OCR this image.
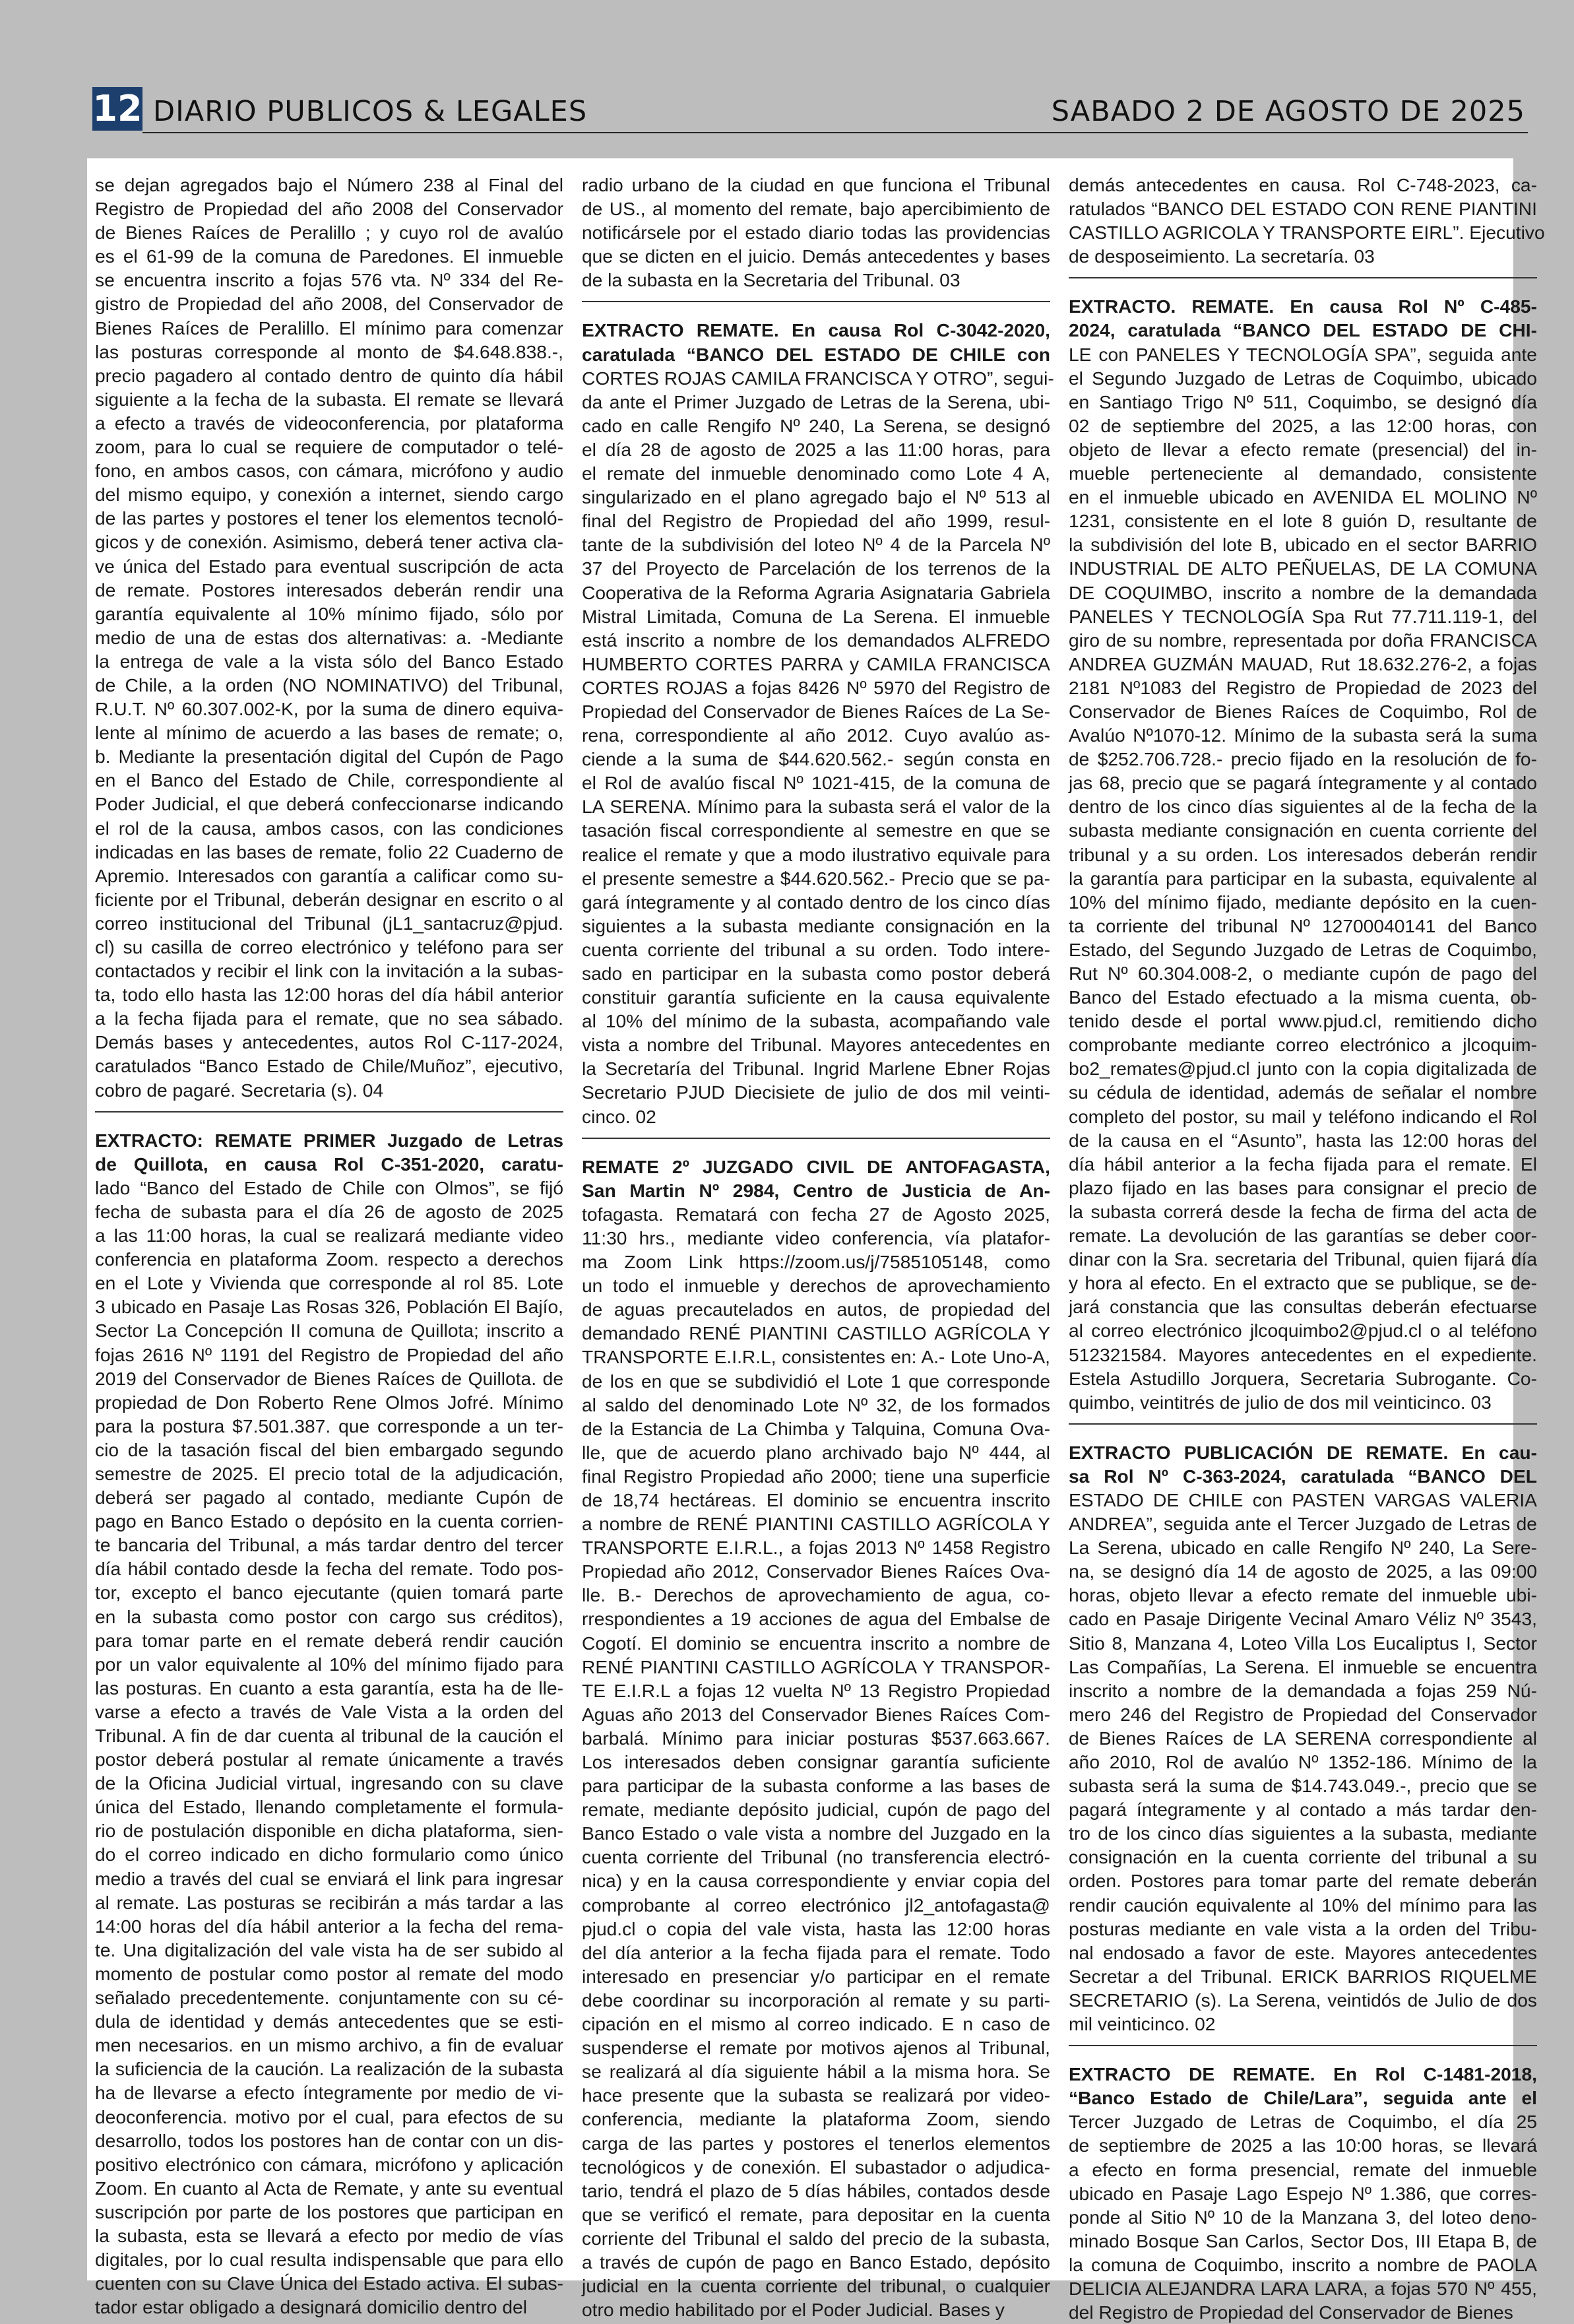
12 DIARIO PUBLICOS & LEGALES	SABADO 2 DE AGOSTO DE 2025

se dejan agregados bajo el Número 238 al Final del

Registro de Propiedad del año 2008 del Conservador

de Bienes Raíces de Peralillo ; y cuyo rol de avalúo

es el 61-99 de la comuna de Paredones. El inmueble

se encuentra inscrito a fojas 576 vta. Nº 334 del Re-

gistro de Propiedad del año 2008, del Conservador de

Bienes Raíces de Peralillo. El mínimo para comenzar

las posturas corresponde al monto de $4.648.838.-,

precio pagadero al contado dentro de quinto día hábil

siguiente a la fecha de la subasta. El remate se llevará

a efecto a través de videoconferencia, por plataforma

zoom, para lo cual se requiere de computador o telé-

fono, en ambos casos, con cámara, micrófono y audio

del mismo equipo, y conexión a internet, siendo cargo

de las partes y postores el tener los elementos tecnoló-

gicos y de conexión. Asimismo, deberá tener activa cla-

ve única del Estado para eventual suscripción de acta

de remate. Postores interesados deberán rendir una

garantía equivalente al 10% mínimo fijado, sólo por

medio de una de estas dos alternativas: a. -Mediante

la entrega de vale a la vista sólo del Banco Estado

de Chile, a la orden (NO NOMINATIVO) del Tribunal,

R.U.T. Nº 60.307.002-K, por la suma de dinero equiva-

lente al mínimo de acuerdo a las bases de remate; o,

b. Mediante la presentación digital del Cupón de Pago

en el Banco del Estado de Chile, correspondiente al

Poder Judicial, el que deberá confeccionarse indicando

el rol de la causa, ambos casos, con las condiciones

indicadas en las bases de remate, folio 22 Cuaderno de

Apremio. Interesados con garantía a calificar como su-

ficiente por el Tribunal, deberán designar en escrito o al

correo institucional del Tribunal (jL1_santacruz@pjud.

cl) su casilla de correo electrónico y teléfono para ser

contactados y recibir el link con la invitación a la subas-

ta, todo ello hasta las 12:00 horas del día hábil anterior

a la fecha fijada para el remate, que no sea sábado.

Demás bases y antecedentes, autos Rol C-117-2024,

caratulados “Banco Estado de Chile/Muñoz”, ejecutivo,

cobro de pagaré. Secretaria (s). 04

EXTRACTO: REMATE PRIMER Juzgado de Letras

de Quillota, en causa Rol C-351-2020, caratu-

lado “Banco del Estado de Chile con Olmos”, se fijó

fecha de subasta para el día 26 de agosto de 2025

a las 11:00 horas, la cual se realizará mediante video

conferencia en plataforma Zoom. respecto a derechos

en el Lote y Vivienda que corresponde al rol 85. Lote

3 ubicado en Pasaje Las Rosas 326, Población El Bajío,

Sector La Concepción II comuna de Quillota; inscrito a

fojas 2616 Nº 1191 del Registro de Propiedad del año

2019 del Conservador de Bienes Raíces de Quillota. de

propiedad de Don Roberto Rene Olmos Jofré. Mínimo

para la postura $7.501.387. que corresponde a un ter-

cio de la tasación fiscal del bien embargado segundo

semestre de 2025. El precio total de la adjudicación,

deberá ser pagado al contado, mediante Cupón de

pago en Banco Estado o depósito en la cuenta corrien-

te bancaria del Tribunal, a más tardar dentro del tercer

día hábil contado desde la fecha del remate. Todo pos-

tor, excepto el banco ejecutante (quien tomará parte

en la subasta como postor con cargo sus créditos),

para tomar parte en el remate deberá rendir caución

por un valor equivalente al 10% del mínimo fijado para

las posturas. En cuanto a esta garantía, esta ha de lle-

varse a efecto a través de Vale Vista a la orden del

Tribunal. A fin de dar cuenta al tribunal de la caución el

postor deberá postular al remate únicamente a través

de la Oficina Judicial virtual, ingresando con su clave

única del Estado, llenando completamente el formula-

rio de postulación disponible en dicha plataforma, sien-

do el correo indicado en dicho formulario como único

medio a través del cual se enviará el link para ingresar

al remate. Las posturas se recibirán a más tardar a las

14:00 horas del día hábil anterior a la fecha del rema-

te. Una digitalización del vale vista ha de ser subido al

momento de postular como postor al remate del modo

señalado precedentemente. conjuntamente con su cé-

dula de identidad y demás antecedentes que se esti-

men necesarios. en un mismo archivo, a fin de evaluar

la suficiencia de la caución. La realización de la subasta

ha de llevarse a efecto íntegramente por medio de vi-

deoconferencia. motivo por el cual, para efectos de su

desarrollo, todos los postores han de contar con un dis-

positivo electrónico con cámara, micrófono y aplicación

Zoom. En cuanto al Acta de Remate, y ante su eventual

suscripción por parte de los postores que participan en

la subasta, esta se llevará a efecto por medio de vías

digitales, por lo cual resulta indispensable que para ello

cuenten con su Clave Única del Estado activa. El subas-

tador estar obligado a designará domicilio dentro del

radio urbano de la ciudad en que funciona el Tribunal

de US., al momento del remate, bajo apercibimiento de

notificársele por el estado diario todas las providencias

que se dicten en el juicio. Demás antecedentes y bases

de la subasta en la Secretaria del Tribunal. 03

EXTRACTO REMATE. En causa Rol C-3042-2020,

caratulada “BANCO DEL ESTADO DE CHILE con

CORTES ROJAS CAMILA FRANCISCA Y OTRO”, segui-

da ante el Primer Juzgado de Letras de la Serena, ubi-

cado en calle Rengifo Nº 240, La Serena, se designó

el día 28 de agosto de 2025 a las 11:00 horas, para

el remate del inmueble denominado como Lote 4 A,

singularizado en el plano agregado bajo el Nº 513 al

final del Registro de Propiedad del año 1999, resul-

tante de la subdivisión del loteo Nº 4 de la Parcela Nº

37 del Proyecto de Parcelación de los terrenos de la

Cooperativa de la Reforma Agraria Asignataria Gabriela

Mistral Limitada, Comuna de La Serena. El inmueble

está inscrito a nombre de los demandados ALFREDO

HUMBERTO CORTES PARRA y CAMILA FRANCISCA

CORTES ROJAS a fojas 8426 Nº 5970 del Registro de

Propiedad del Conservador de Bienes Raíces de La Se-

rena, correspondiente al año 2012. Cuyo avalúo as-

ciende a la suma de $44.620.562.- según consta en

el Rol de avalúo fiscal Nº 1021-415, de la comuna de

LA SERENA. Mínimo para la subasta será el valor de la

tasación fiscal correspondiente al semestre en que se

realice el remate y que a modo ilustrativo equivale para

el presente semestre a $44.620.562.- Precio que se pa-

gará íntegramente y al contado dentro de los cinco días

siguientes a la subasta mediante consignación en la

cuenta corriente del tribunal a su orden. Todo intere-

sado en participar en la subasta como postor deberá

constituir garantía suficiente en la causa equivalente

al 10% del mínimo de la subasta, acompañando vale

vista a nombre del Tribunal. Mayores antecedentes en

la Secretaría del Tribunal. Ingrid Marlene Ebner Rojas

Secretario PJUD Diecisiete de julio de dos mil veinti-

cinco. 02

REMATE 2º JUZGADO CIVIL DE ANTOFAGASTA,

San Martin Nº 2984, Centro de Justicia de An-

tofagasta. Rematará con fecha 27 de Agosto 2025,

11:30 hrs., mediante video conferencia, vía platafor-

ma Zoom Link https://zoom.us/j/7585105148, como

un todo el inmueble y derechos de aprovechamiento

de aguas precautelados en autos, de propiedad del

demandado RENÉ PIANTINI CASTILLO AGRÍCOLA Y

TRANSPORTE E.I.R.L, consistentes en: A.- Lote Uno-A,

de los en que se subdividió el Lote 1 que corresponde

al saldo del denominado Lote Nº 32, de los formados

de la Estancia de La Chimba y Talquina, Comuna Ova-

lle, que de acuerdo plano archivado bajo Nº 444, al

final Registro Propiedad año 2000; tiene una superficie

de 18,74 hectáreas. El dominio se encuentra inscrito

a nombre de RENÉ PIANTINI CASTILLO AGRÍCOLA Y

TRANSPORTE E.I.R.L., a fojas 2013 Nº 1458 Registro

Propiedad año 2012, Conservador Bienes Raíces Ova-

lle. B.- Derechos de aprovechamiento de agua, co-

rrespondientes a 19 acciones de agua del Embalse de

Cogotí. El dominio se encuentra inscrito a nombre de

RENÉ PIANTINI CASTILLO AGRÍCOLA Y TRANSPOR-

TE E.I.R.L a fojas 12 vuelta Nº 13 Registro Propiedad

Aguas año 2013 del Conservador Bienes Raíces Com-

barbalá. Mínimo para iniciar posturas $537.663.667.

Los interesados deben consignar garantía suficiente

para participar de la subasta conforme a las bases de

remate, mediante depósito judicial, cupón de pago del

Banco Estado o vale vista a nombre del Juzgado en la

cuenta corriente del Tribunal (no transferencia electró-

nica) y en la causa correspondiente y enviar copia del

comprobante al correo electrónico jl2_antofagasta@

pjud.cl o copia del vale vista, hasta las 12:00 horas

del día anterior a la fecha fijada para el remate. Todo

interesado en presenciar y/o participar en el remate

debe coordinar su incorporación al remate y su parti-

cipación en el mismo al correo indicado. E n caso de

suspenderse el remate por motivos ajenos al Tribunal,

se realizará al día siguiente hábil a la misma hora. Se

hace presente que la subasta se realizará por video-

conferencia, mediante la plataforma Zoom, siendo

carga de las partes y postores el tenerlos elementos

tecnológicos y de conexión. El subastador o adjudica-

tario, tendrá el plazo de 5 días hábiles, contados desde

que se verificó el remate, para depositar en la cuenta

corriente del Tribunal el saldo del precio de la subasta,

a través de cupón de pago en Banco Estado, depósito

judicial en la cuenta corriente del tribunal, o cualquier

otro medio habilitado por el Poder Judicial. Bases y

demás antecedentes en causa. Rol C-748-2023, ca-

ratulados “BANCO DEL ESTADO CON RENE PIANTINI

CASTILLO AGRICOLA Y TRANSPORTE EIRL”. Ejecutivo

de desposeimiento. La secretaría. 03

EXTRACTO. REMATE. En causa Rol Nº C-485-

2024, caratulada “BANCO DEL ESTADO DE CHI-

LE con PANELES Y TECNOLOGÍA SPA”, seguida ante

el Segundo Juzgado de Letras de Coquimbo, ubicado

en Santiago Trigo Nº 511, Coquimbo, se designó día

02 de septiembre del 2025, a las 12:00 horas, con

objeto de llevar a efecto remate (presencial) del in-

mueble perteneciente al demandado, consistente

en el inmueble ubicado en AVENIDA EL MOLINO Nº

1231, consistente en el lote 8 guión D, resultante de

la subdivisión del lote B, ubicado en el sector BARRIO

INDUSTRIAL DE ALTO PEÑUELAS, DE LA COMUNA

DE COQUIMBO, inscrito a nombre de la demandada

PANELES Y TECNOLOGÍA Spa Rut 77.711.119-1, del

giro de su nombre, representada por doña FRANCISCA

ANDREA GUZMÁN MAUAD, Rut 18.632.276-2, a fojas

2181 Nº1083 del Registro de Propiedad de 2023 del

Conservador de Bienes Raíces de Coquimbo, Rol de

Avalúo Nº1070-12. Mínimo de la subasta será la suma

de $252.706.728.- precio fijado en la resolución de fo-

jas 68, precio que se pagará íntegramente y al contado

dentro de los cinco días siguientes al de la fecha de la

subasta mediante consignación en cuenta corriente del

tribunal y a su orden. Los interesados deberán rendir

la garantía para participar en la subasta, equivalente al

10% del mínimo fijado, mediante depósito en la cuen-

ta corriente del tribunal Nº 12700040141 del Banco

Estado, del Segundo Juzgado de Letras de Coquimbo,

Rut Nº 60.304.008-2, o mediante cupón de pago del

Banco del Estado efectuado a la misma cuenta, ob-

tenido desde el portal www.pjud.cl, remitiendo dicho

comprobante mediante correo electrónico a jlcoquim-

bo2_remates@pjud.cl junto con la copia digitalizada de

su cédula de identidad, además de señalar el nombre

completo del postor, su mail y teléfono indicando el Rol

de la causa en el “Asunto”, hasta las 12:00 horas del

día hábil anterior a la fecha fijada para el remate. El

plazo fijado en las bases para consignar el precio de

la subasta correrá desde la fecha de firma del acta de

remate. La devolución de las garantías se deber coor-

dinar con la Sra. secretaria del Tribunal, quien fijará día

y hora al efecto. En el extracto que se publique, se de-

jará constancia que las consultas deberán efectuarse

al correo electrónico jlcoquimbo2@pjud.cl o al teléfono

512321584. Mayores antecedentes en el expediente.

Estela Astudillo Jorquera, Secretaria Subrogante. Co-

quimbo, veintitrés de julio de dos mil veinticinco. 03

EXTRACTO PUBLICACIÓN DE REMATE. En cau-

sa Rol Nº C-363-2024, caratulada “BANCO DEL

ESTADO DE CHILE con PASTEN VARGAS VALERIA

ANDREA”, seguida ante el Tercer Juzgado de Letras de

La Serena, ubicado en calle Rengifo Nº 240, La Sere-

na, se designó día 14 de agosto de 2025, a las 09:00

horas, objeto llevar a efecto remate del inmueble ubi-

cado en Pasaje Dirigente Vecinal Amaro Véliz Nº 3543,

Sitio 8, Manzana 4, Loteo Villa Los Eucaliptus I, Sector

Las Compañías, La Serena. El inmueble se encuentra

inscrito a nombre de la demandada a fojas 259 Nú-

mero 246 del Registro de Propiedad del Conservador

de Bienes Raíces de LA SERENA correspondiente al

año 2010, Rol de avalúo Nº 1352-186. Mínimo de la

subasta será la suma de $14.743.049.-, precio que se

pagará íntegramente y al contado a más tardar den-

tro de los cinco días siguientes a la subasta, mediante

consignación en la cuenta corriente del tribunal a su

orden. Postores para tomar parte del remate deberán

rendir caución equivalente al 10% del mínimo para las

posturas mediante en vale vista a la orden del Tribu-

nal endosado a favor de este. Mayores antecedentes

Secretar a del Tribunal. ERICK BARRIOS RIQUELME

SECRETARIO (s). La Serena, veintidós de Julio de dos

mil veinticinco. 02

EXTRACTO DE REMATE. En Rol C-1481-2018,

“Banco Estado de Chile/Lara”, seguida ante el

Tercer Juzgado de Letras de Coquimbo, el día 25

de septiembre de 2025 a las 10:00 horas, se llevará

a efecto en forma presencial, remate del inmueble

ubicado en Pasaje Lago Espejo Nº 1.386, que corres-

ponde al Sitio Nº 10 de la Manzana 3, del loteo deno-

minado Bosque San Carlos, Sector Dos, III Etapa B, de

la comuna de Coquimbo, inscrito a nombre de PAOLA

DELICIA ALEJANDRA LARA LARA, a fojas 570 Nº 455,

del Registro de Propiedad del Conservador de Bienes
